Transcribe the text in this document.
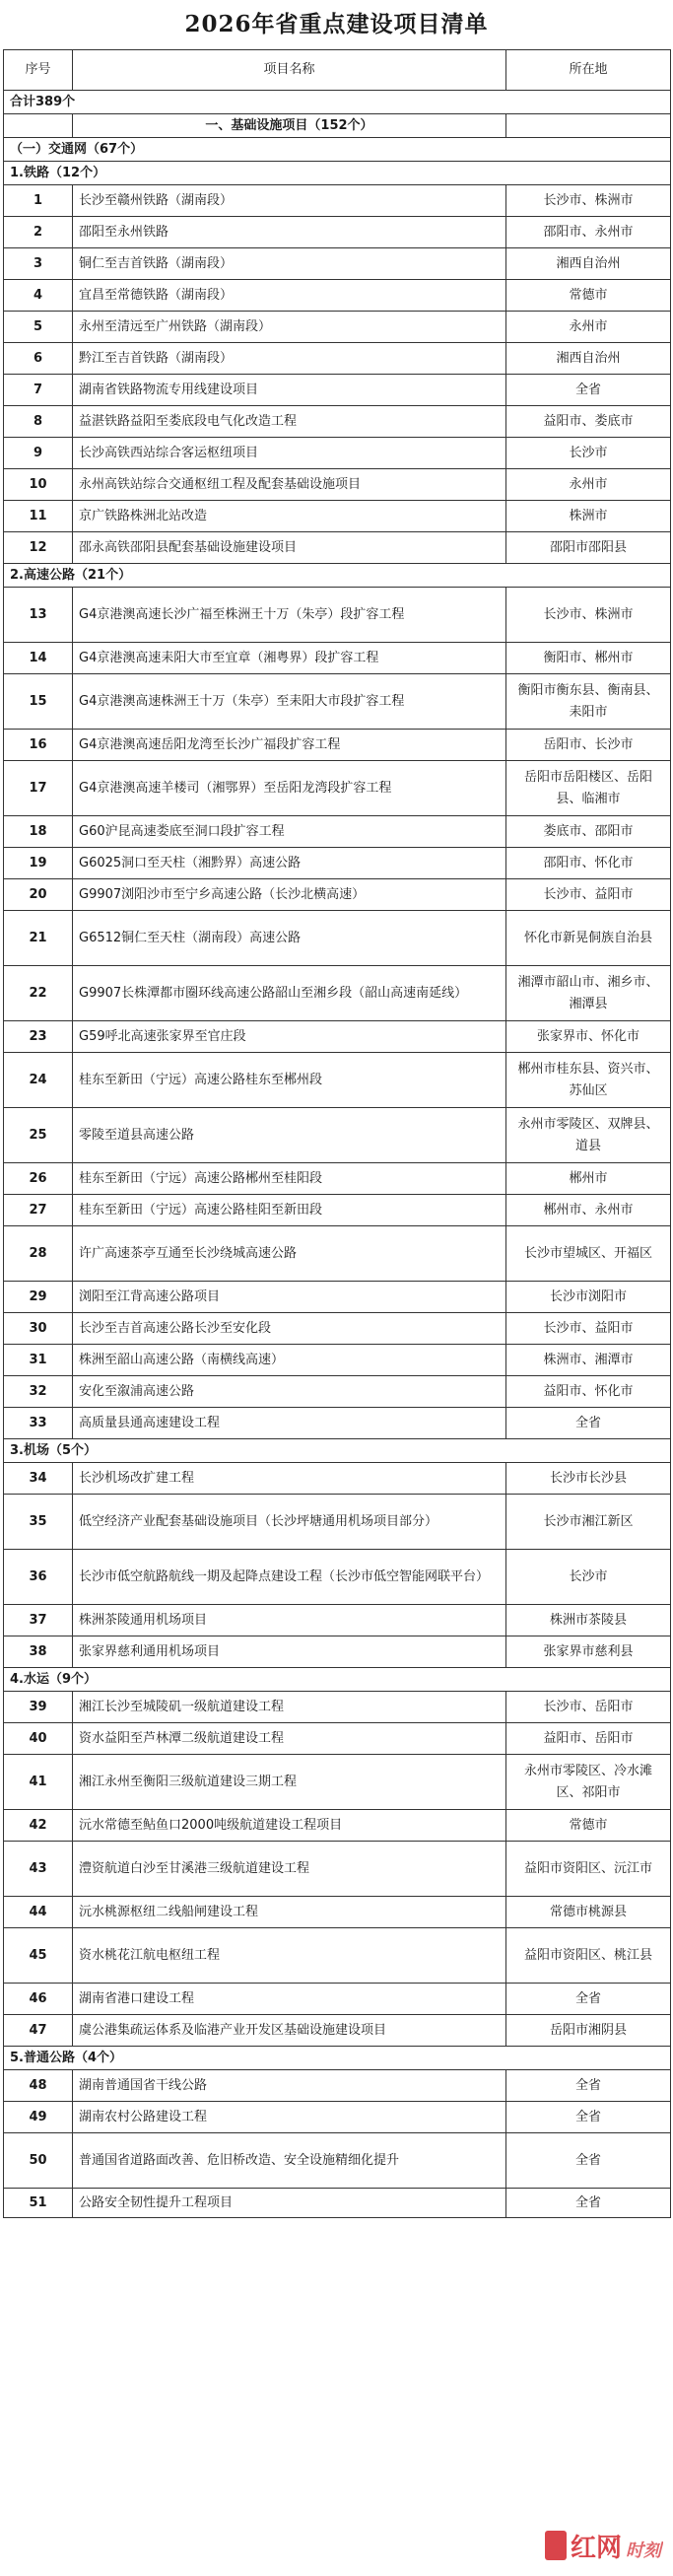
2026年省重点建设项目清单
序号	项目名称	所在地
合计389个		
	一、基础设施项目（152个）	
（一）交通网（67个）		
1.铁路（12个）		
1	长沙至赣州铁路（湖南段）	长沙市、株洲市
2	邵阳至永州铁路	邵阳市、永州市
3	铜仁至吉首铁路（湖南段）	湘西自治州
4	宜昌至常德铁路（湖南段）	常德市
5	永州至清远至广州铁路（湖南段）	永州市
6	黔江至吉首铁路（湖南段）	湘西自治州
7	湖南省铁路物流专用线建设项目	全省
8	益湛铁路益阳至娄底段电气化改造工程	益阳市、娄底市
9	长沙高铁西站综合客运枢纽项目	长沙市
10	永州高铁站综合交通枢纽工程及配套基础设施项目	永州市
11	京广铁路株洲北站改造	株洲市
12	邵永高铁邵阳县配套基础设施建设项目	邵阳市邵阳县
2.高速公路（21个）		
13	G4京港澳高速长沙广福至株洲王十万（朱亭）段扩容工程	长沙市、株洲市
14	G4京港澳高速耒阳大市至宜章（湘粤界）段扩容工程	衡阳市、郴州市
15	G4京港澳高速株洲王十万（朱亭）至耒阳大市段扩容工程	衡阳市衡东县、衡南县、耒阳市
16	G4京港澳高速岳阳龙湾至长沙广福段扩容工程	岳阳市、长沙市
17	G4京港澳高速羊楼司（湘鄂界）至岳阳龙湾段扩容工程	岳阳市岳阳楼区、岳阳县、临湘市
18	G60沪昆高速娄底至洞口段扩容工程	娄底市、邵阳市
19	G6025洞口至天柱（湘黔界）高速公路	邵阳市、怀化市
20	G9907浏阳沙市至宁乡高速公路（长沙北横高速）	长沙市、益阳市
21	G6512铜仁至天柱（湖南段）高速公路	怀化市新晃侗族自治县
22	G9907长株潭都市圈环线高速公路韶山至湘乡段（韶山高速南延线）	湘潭市韶山市、湘乡市、湘潭县
23	G59呼北高速张家界至官庄段	张家界市、怀化市
24	桂东至新田（宁远）高速公路桂东至郴州段	郴州市桂东县、资兴市、苏仙区
25	零陵至道县高速公路	永州市零陵区、双牌县、道县
26	桂东至新田（宁远）高速公路郴州至桂阳段	郴州市
27	桂东至新田（宁远）高速公路桂阳至新田段	郴州市、永州市
28	许广高速茶亭互通至长沙绕城高速公路	长沙市望城区、开福区
29	浏阳至江背高速公路项目	长沙市浏阳市
30	长沙至吉首高速公路长沙至安化段	长沙市、益阳市
31	株洲至韶山高速公路（南横线高速）	株洲市、湘潭市
32	安化至溆浦高速公路	益阳市、怀化市
33	高质量县通高速建设工程	全省
3.机场（5个）		
34	长沙机场改扩建工程	长沙市长沙县
35	低空经济产业配套基础设施项目（长沙坪塘通用机场项目部分）	长沙市湘江新区
36	长沙市低空航路航线一期及起降点建设工程（长沙市低空智能网联平台）	长沙市
37	株洲茶陵通用机场项目	株洲市茶陵县
38	张家界慈利通用机场项目	张家界市慈利县
4.水运（9个）		
39	湘江长沙至城陵矶一级航道建设工程	长沙市、岳阳市
40	资水益阳至芦林潭二级航道建设工程	益阳市、岳阳市
41	湘江永州至衡阳三级航道建设三期工程	永州市零陵区、冷水滩区、祁阳市
42	沅水常德至鲇鱼口2000吨级航道建设工程项目	常德市
43	澧资航道白沙至甘溪港三级航道建设工程	益阳市资阳区、沅江市
44	沅水桃源枢纽二线船闸建设工程	常德市桃源县
45	资水桃花江航电枢纽工程	益阳市资阳区、桃江县
46	湖南省港口建设工程	全省
47	虞公港集疏运体系及临港产业开发区基础设施建设项目	岳阳市湘阴县
5.普通公路（4个）		
48	湖南普通国省干线公路	全省
49	湖南农村公路建设工程	全省
50	普通国省道路面改善、危旧桥改造、安全设施精细化提升	全省
51	公路安全韧性提升工程项目	全省
红网 时刻
